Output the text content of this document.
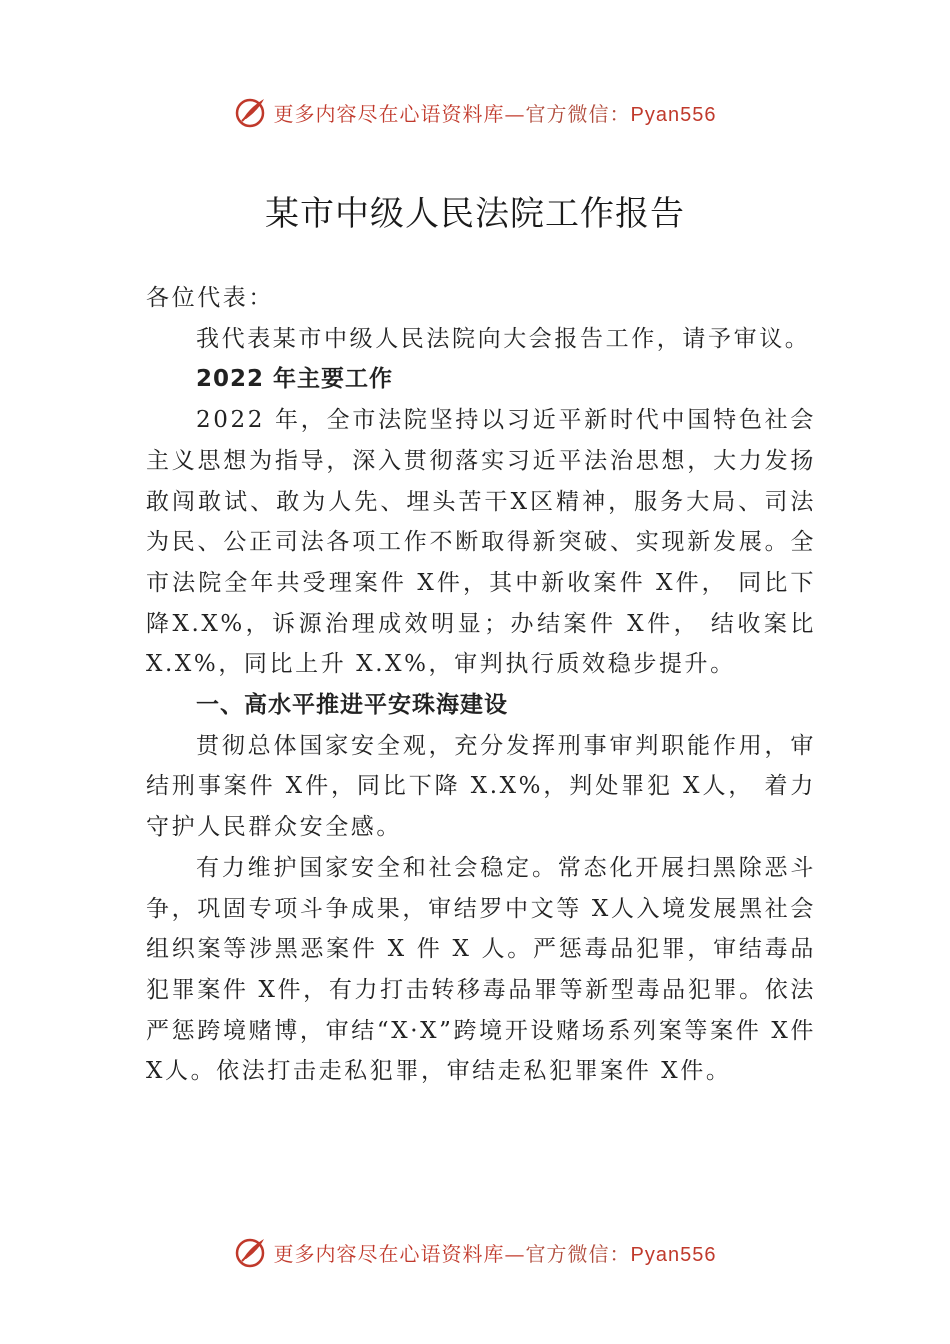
更多内容尽在心语资料库—官方微信：Pyan556
某市中级人民法院工作报告

各位代表：

我代表某市中级人民法院向大会报告工作，请予审议。

2022 年主要工作

2022 年，全市法院坚持以习近平新时代中国特色社会主义思想为指导，深入贯彻落实习近平法治思想，大力发扬敢闯敢试、敢为人先、埋头苦干X区精神，服务大局、司法为民、公正司法各项工作不断取得新突破、实现新发展。全市法院全年共受理案件 X件，其中新收案件 X件， 同比下降X.X%，诉源治理成效明显；办结案件 X件， 结收案比X.X%，同比上升 X.X%，审判执行质效稳步提升。

一、高水平推进平安珠海建设

贯彻总体国家安全观，充分发挥刑事审判职能作用，审结刑事案件 X件，同比下降 X.X%，判处罪犯 X人， 着力守护人民群众安全感。

有力维护国家安全和社会稳定。常态化开展扫黑除恶斗争，巩固专项斗争成果，审结罗中文等 X人入境发展黑社会组织案等涉黑恶案件 X 件 X 人。严惩毒品犯罪，审结毒品犯罪案件 X件，有力打击转移毒品罪等新型毒品犯罪。依法严惩跨境赌博，审结“X·X”跨境开设赌场系列案等案件 X件 X人。依法打击走私犯罪，审结走私犯罪案件 X件。

更多内容尽在心语资料库—官方微信：Pyan556
